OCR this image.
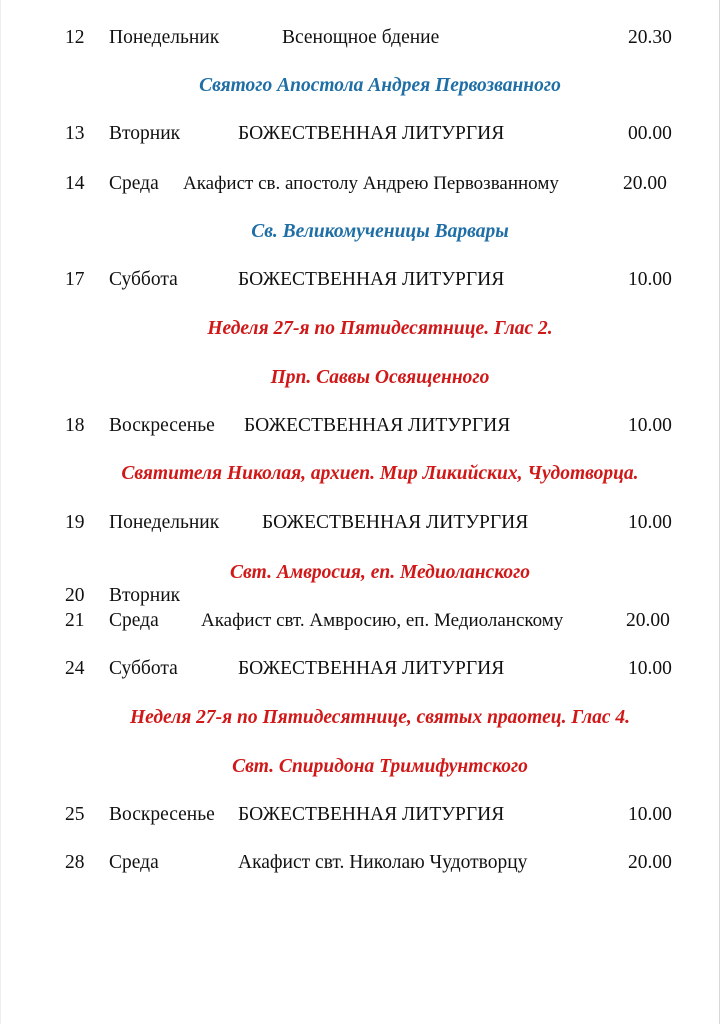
12 Понедельник	Всенощное бдение	20.30
Святого Апостола Андрея Первозванного
13 Вторник	БОЖЕСТВЕННАЯ ЛИТУРГИЯ	00.00
14 Среда Акафист св. апостолу Андрею Первозванному	20.00
Св. Великомученицы Варвары
17 Суббота	БОЖЕСТВЕННАЯ ЛИТУРГИЯ	10.00
Неделя 27-я по Пятидесятнице. Глас 2.
Прп. Саввы Освященного
18 Воскресенье БОЖЕСТВЕННАЯ ЛИТУРГИЯ	10.00
Святителя Николая, архиеп. Мир Ликийских, Чудотворца.
19 Понедельник БОЖЕСТВЕННАЯ ЛИТУРГИЯ	10.00
Свт. Амвросия, еп. Медиоланского
20 Вторник
21 Среда Акафист свт. Амвросию, еп. Медиоланскому	20.00
24 Суббота	БОЖЕСТВЕННАЯ ЛИТУРГИЯ	10.00
Неделя 27-я по Пятидесятнице, святых праотец. Глас 4.
Свт. Спиридона Тримифунтского
25 Воскресенье БОЖЕСТВЕННАЯ ЛИТУРГИЯ	10.00
28 Среда	Акафист свт. Николаю Чудотворцу	20.00
